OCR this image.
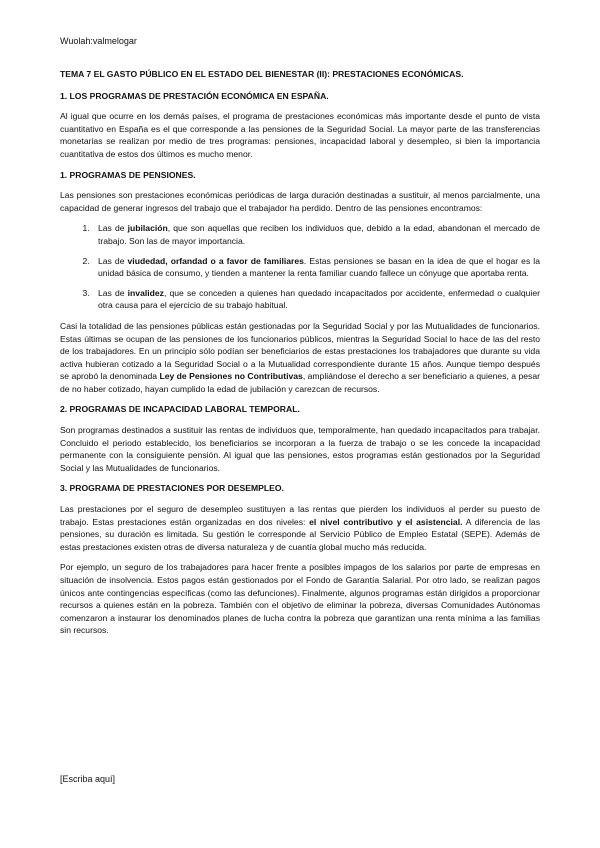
Wuolah:valmelogar
TEMA 7 EL GASTO PÚBLICO EN EL ESTADO DEL BIENESTAR (II): PRESTACIONES ECONÓMICAS.
1. LOS PROGRAMAS DE PRESTACIÓN ECONÓMICA EN ESPAÑA.

Al igual que ocurre en los demás países, el programa de prestaciones económicas más importante desde el punto de vista cuantitativo en España es el que corresponde a las pensiones de la Seguridad Social. La mayor parte de las transferencias monetarias se realizan por medio de tres programas: pensiones, incapacidad laboral y desempleo, si bien la importancia cuantitativa de estos dos últimos es mucho menor.

1. PROGRAMAS DE PENSIONES.

Las pensiones son prestaciones económicas periódicas de larga duración destinadas a sustituir, al menos parcialmente, una capacidad de generar ingresos del trabajo que el trabajador ha perdido. Dentro de las pensiones encontramos:

1. Las de jubilación, que son aquellas que reciben los individuos que, debido a la edad, abandonan el mercado de trabajo. Son las de mayor importancia.
2. Las de viudedad, orfandad o a favor de familiares. Estas pensiones se basan en la idea de que el hogar es la unidad básica de consumo, y tienden a mantener la renta familiar cuando fallece un cónyuge que aportaba renta.
3. Las de invalidez, que se conceden a quienes han quedado incapacitados por accidente, enfermedad o cualquier otra causa para el ejercicio de su trabajo habitual.

Casi la totalidad de las pensiones públicas están gestionadas por la Seguridad Social y por las Mutualidades de funcionarios. Estas últimas se ocupan de las pensiones de los funcionarios públicos, mientras la Seguridad Social lo hace de las del resto de los trabajadores. En un principio sólo podían ser beneficiarios de estas prestaciones los trabajadores que durante su vida activa hubieran cotizado a la Seguridad Social o a la Mutualidad correspondiente durante 15 años. Aunque tiempo después se aprobó la denominada Ley de Pensiones no Contributivas, ampliándose el derecho a ser beneficiario a quienes, a pesar de no haber cotizado, hayan cumplido la edad de jubilación y carezcan de recursos.

2. PROGRAMAS DE INCAPACIDAD LABORAL TEMPORAL.

Son programas destinados a sustituir las rentas de individuos que, temporalmente, han quedado incapacitados para trabajar. Concluido el periodo establecido, los beneficiarios se incorporan a la fuerza de trabajo o se les concede la incapacidad permanente con la consiguiente pensión. Al igual que las pensiones, estos programas están gestionados por la Seguridad Social y las Mutualidades de funcionarios.

3. PROGRAMA DE PRESTACIONES POR DESEMPLEO.

Las prestaciones por el seguro de desempleo sustituyen a las rentas que pierden los individuos al perder su puesto de trabajo. Estas prestaciones están organizadas en dos niveles: el nivel contributivo y el asistencial. A diferencia de las pensiones, su duración es limitada. Su gestión le corresponde al Servicio Público de Empleo Estatal (SEPE). Además de estas prestaciones existen otras de diversa naturaleza y de cuantía global mucho más reducida.

Por ejemplo, un seguro de los trabajadores para hacer frente a posibles impagos de los salarios por parte de empresas en situación de insolvencia. Estos pagos están gestionados por el Fondo de Garantía Salarial. Por otro lado, se realizan pagos únicos ante contingencias específicas (como las defunciones). Finalmente, algunos programas están dirigidos a proporcionar recursos a quienes están en la pobreza. También con el objetivo de eliminar la pobreza, diversas Comunidades Autónomas comenzaron a instaurar los denominados planes de lucha contra la pobreza que garantizan una renta mínima a las familias sin recursos.

[Escriba aquí]
